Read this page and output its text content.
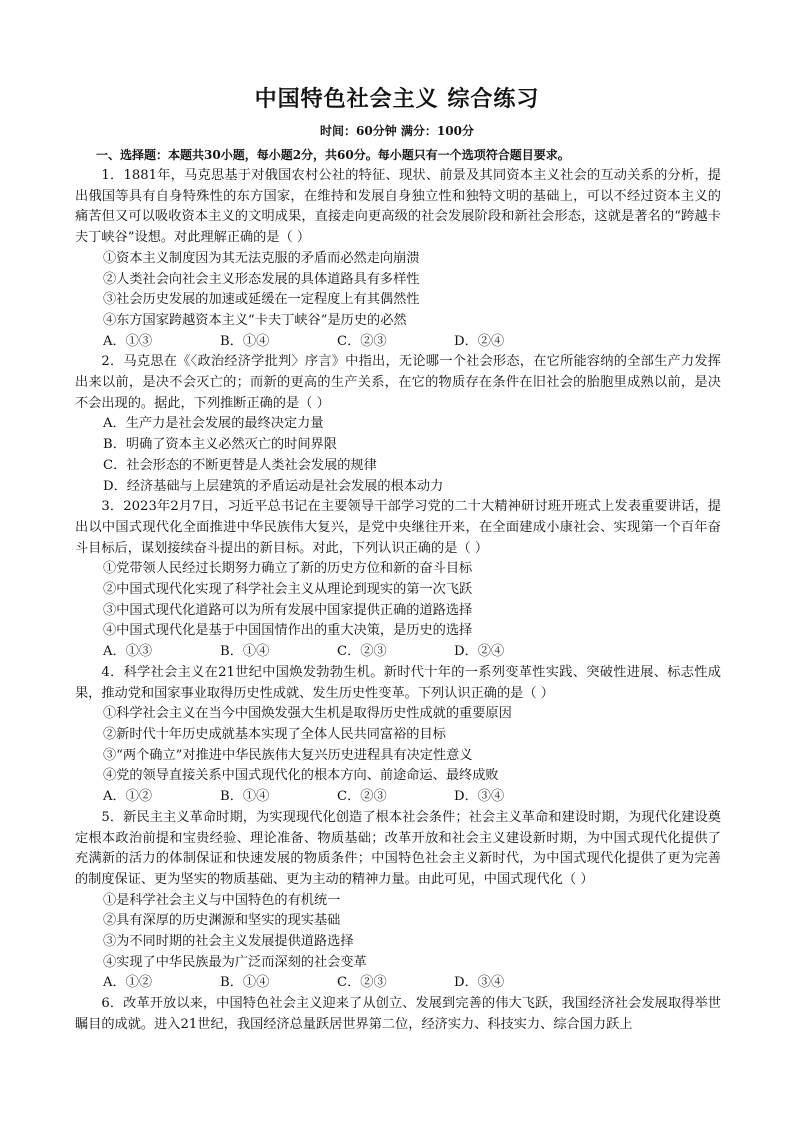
中国特色社会主义 综合练习
时间：60分钟 满分：100分
一、选择题：本题共30小题，每小题2分，共60分。每小题只有一个选项符合题目要求。

1．1881年，马克思基于对俄国农村公社的特征、现状、前景及其同资本主义社会的互动关系的分析，提出俄国等具有自身特殊性的东方国家，在维持和发展自身独立性和独特文明的基础上，可以不经过资本主义的痛苦但又可以吸收资本主义的文明成果，直接走向更高级的社会发展阶段和新社会形态，这就是著名的“跨越卡夫丁峡谷”设想。对此理解正确的是（ ）

①资本主义制度因为其无法克服的矛盾而必然走向崩溃

②人类社会向社会主义形态发展的具体道路具有多样性

③社会历史发展的加速或延缓在一定程度上有其偶然性

④东方国家跨越资本主义“卡夫丁峡谷”是历史的必然

A．①③	B．①④	C．②③	D．②④

2．马克思在《〈政治经济学批判〉序言》中指出，无论哪一个社会形态，在它所能容纳的全部生产力发挥出来以前，是决不会灭亡的；而新的更高的生产关系，在它的物质存在条件在旧社会的胎胞里成熟以前，是决不会出现的。据此，下列推断正确的是（ ）

A．生产力是社会发展的最终决定力量

B．明确了资本主义必然灭亡的时间界限

C．社会形态的不断更替是人类社会发展的规律

D．经济基础与上层建筑的矛盾运动是社会发展的根本动力

3．2023年2月7日，习近平总书记在主要领导干部学习党的二十大精神研讨班开班式上发表重要讲话，提出以中国式现代化全面推进中华民族伟大复兴，是党中央继往开来，在全面建成小康社会、实现第一个百年奋斗目标后，谋划接续奋斗提出的新目标。对此，下列认识正确的是（ ）

①党带领人民经过长期努力确立了新的历史方位和新的奋斗目标

②中国式现代化实现了科学社会主义从理论到现实的第一次飞跃

③中国式现代化道路可以为所有发展中国家提供正确的道路选择

④中国式现代化是基于中国国情作出的重大决策，是历史的选择

A．①③	B．①④	C．②③	D．②④

4．科学社会主义在21世纪中国焕发勃勃生机。新时代十年的一系列变革性实践、突破性进展、标志性成果，推动党和国家事业取得历史性成就、发生历史性变革。下列认识正确的是（ ）

①科学社会主义在当今中国焕发强大生机是取得历史性成就的重要原因

②新时代十年历史成就基本实现了全体人民共同富裕的目标

③“两个确立”对推进中华民族伟大复兴历史进程具有决定性意义

④党的领导直接关系中国式现代化的根本方向、前途命运、最终成败

A．①②	B．①④	C．②③	D．③④

5．新民主主义革命时期，为实现现代化创造了根本社会条件；社会主义革命和建设时期，为现代化建设奠定根本政治前提和宝贵经验、理论准备、物质基础；改革开放和社会主义建设新时期，为中国式现代化提供了充满新的活力的体制保证和快速发展的物质条件；中国特色社会主义新时代，为中国式现代化提供了更为完善的制度保证、更为坚实的物质基础、更为主动的精神力量。由此可见，中国式现代化（ ）

①是科学社会主义与中国特色的有机统一

②具有深厚的历史渊源和坚实的现实基础

③为不同时期的社会主义发展提供道路选择

④实现了中华民族最为广泛而深刻的社会变革

A．①②	B．①④	C．②③	D．③④

6．改革开放以来，中国特色社会主义迎来了从创立、发展到完善的伟大飞跃，我国经济社会发展取得举世瞩目的成就。进入21世纪，我国经济总量跃居世界第二位，经济实力、科技实力、综合国力跃上
